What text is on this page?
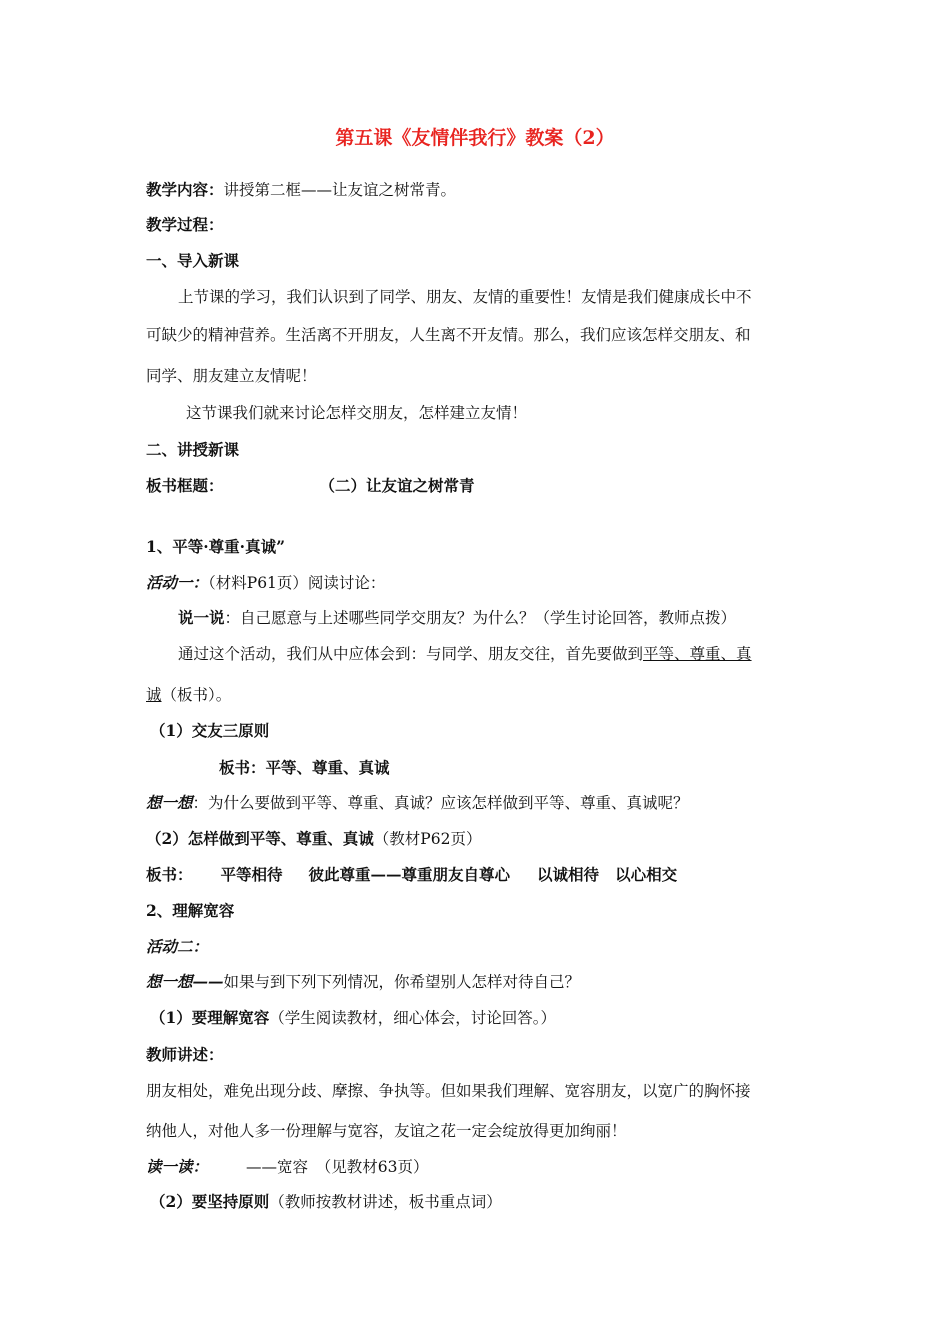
第五课《友情伴我行》教案（2）
教学内容：讲授第二框——让友谊之树常青。
教学过程：
一、导入新课
上节课的学习，我们认识到了同学、朋友、友情的重要性！友情是我们健康成长中不
可缺少的精神营养。生活离不开朋友，人生离不开友情。那么，我们应该怎样交朋友、和
同学、朋友建立友情呢！
这节课我们就来讨论怎样交朋友，怎样建立友情！
二、讲授新课
板书框题：	（二）让友谊之树常青
1、平等·尊重·真诚”
活动一：（材料P61页）阅读讨论：
说一说：自己愿意与上述哪些同学交朋友？为什么？（学生讨论回答，教师点拨）
通过这个活动，我们从中应体会到：与同学、朋友交往，首先要做到平等、尊重、真
诚（板书）。
（1）交友三原则
板书：平等、尊重、真诚
想一想：为什么要做到平等、尊重、真诚？应该怎样做到平等、尊重、真诚呢？
（2）怎样做到平等、尊重、真诚（教材P62页）
板书： 平等相待 彼此尊重——尊重朋友自尊心 以诚相待 以心相交
2、理解宽容
活动二：
想一想——如果与到下列下列情况，你希望别人怎样对待自己？
（1）要理解宽容（学生阅读教材，细心体会，讨论回答。）
教师讲述：
朋友相处，难免出现分歧、摩擦、争执等。但如果我们理解、宽容朋友，以宽广的胸怀接
纳他人，对他人多一份理解与宽容，友谊之花一定会绽放得更加绚丽！
读一读： ——宽容　（见教材63页）
（2）要坚持原则（教师按教材讲述，板书重点词）
